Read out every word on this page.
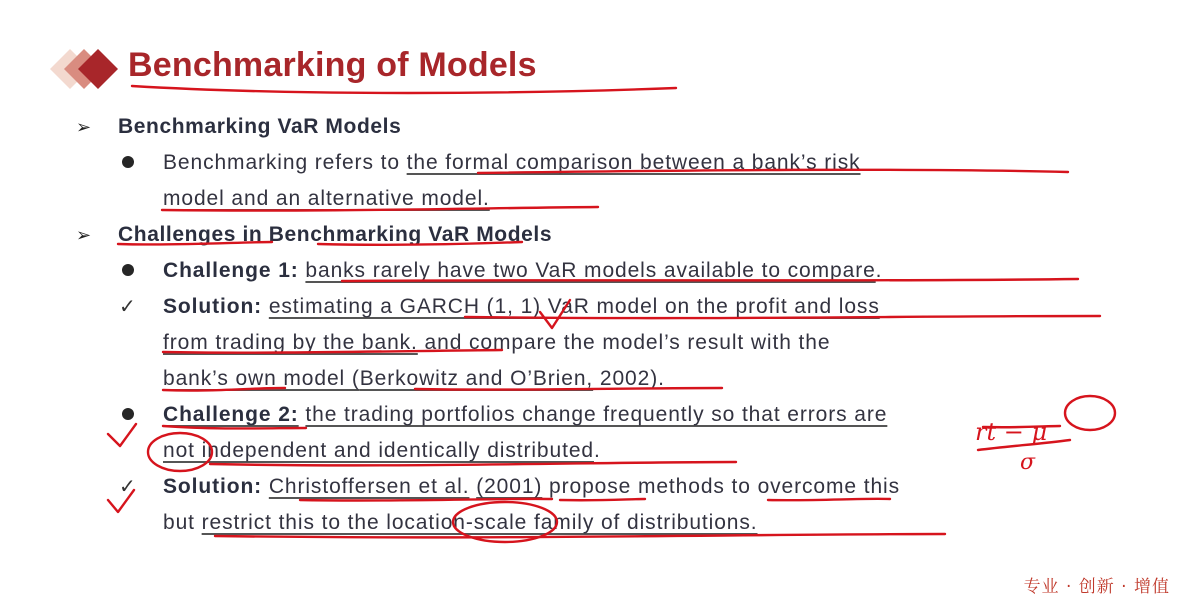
Benchmarking of Models
➢ Benchmarking VaR Models
Benchmarking refers to the formal comparison between a bank’s risk
model and an alternative model.
➢ Challenges in Benchmarking VaR Models
Challenge 1: banks rarely have two VaR models available to compare.
✓ Solution: estimating a GARCH (1, 1) VaR model on the profit and loss
from trading by the bank. and compare the model’s result with the
bank’s own model (Berkowitz and O’Brien, 2002).
Challenge 2: the trading portfolios change frequently so that errors are
not independent and identically distributed.
✓ Solution: Christoffersen et al. (2001) propose methods to overcome this
but restrict this to the location-scale family of distributions.
专业 · 创新 · 增值
rt − μ
σ
